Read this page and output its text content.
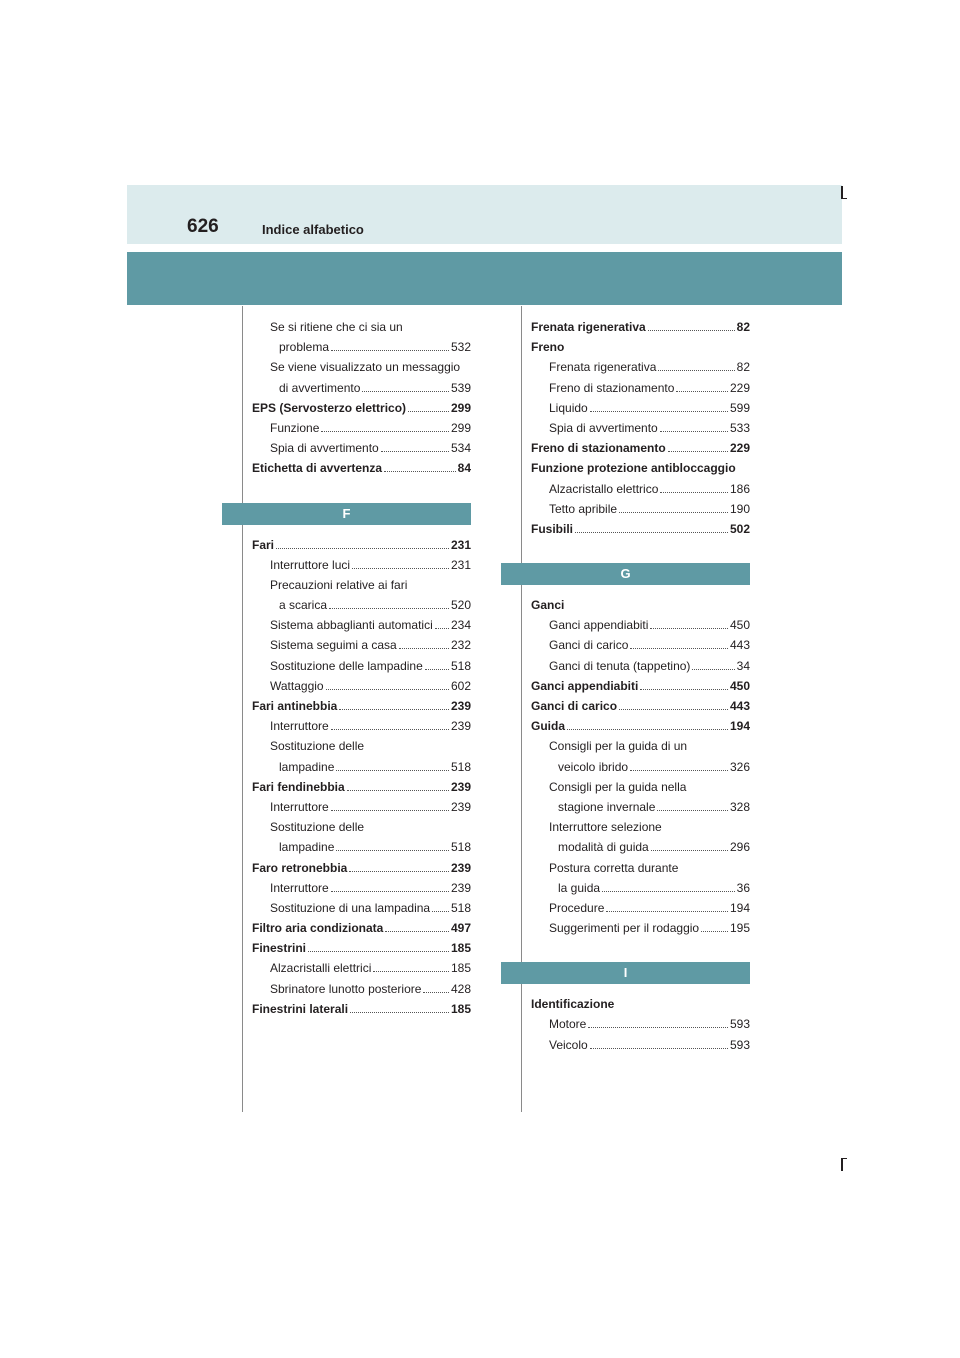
626	Indice alfabetico
Se si ritiene che ci sia un
problema	532
Se viene visualizzato un messaggio
di avvertimento	539
EPS (Servosterzo elettrico)	299
Funzione	299
Spia di avvertimento	534
Etichetta di avvertenza	84
F
Fari	231
Interruttore luci	231
Precauzioni relative ai fari
a scarica	520
Sistema abbaglianti automatici 234
Sistema seguimi a casa	232
Sostituzione delle lampadine 518
Wattaggio	602
Fari antinebbia	239
Interruttore	239
Sostituzione delle
lampadine	518
Fari fendinebbia	239
Interruttore	239
Sostituzione delle
lampadine	518
Faro retronebbia	239
Interruttore	239
Sostituzione di una lampadina 518
Filtro aria condizionata	497
Finestrini	185
Alzacristalli elettrici	185
Sbrinatore lunotto posteriore 428
Finestrini laterali	185
Frenata rigenerativa	82
Freno
Frenata rigenerativa	82
Freno di stazionamento	229
Liquido	599
Spia di avvertimento	533
Freno di stazionamento	229
Funzione protezione antibloccaggio
Alzacristallo elettrico	186
Tetto apribile	190
Fusibili	502
G
Ganci
Ganci appendiabiti	450
Ganci di carico	443
Ganci di tenuta (tappetino)	34
Ganci appendiabiti	450
Ganci di carico	443
Guida	194
Consigli per la guida di un
veicolo ibrido	326
Consigli per la guida nella
stagione invernale	328
Interruttore selezione
modalità di guida	296
Postura corretta durante
la guida	36
Procedure	194
Suggerimenti per il rodaggio	195
I
Identificazione
Motore	593
Veicolo	593
